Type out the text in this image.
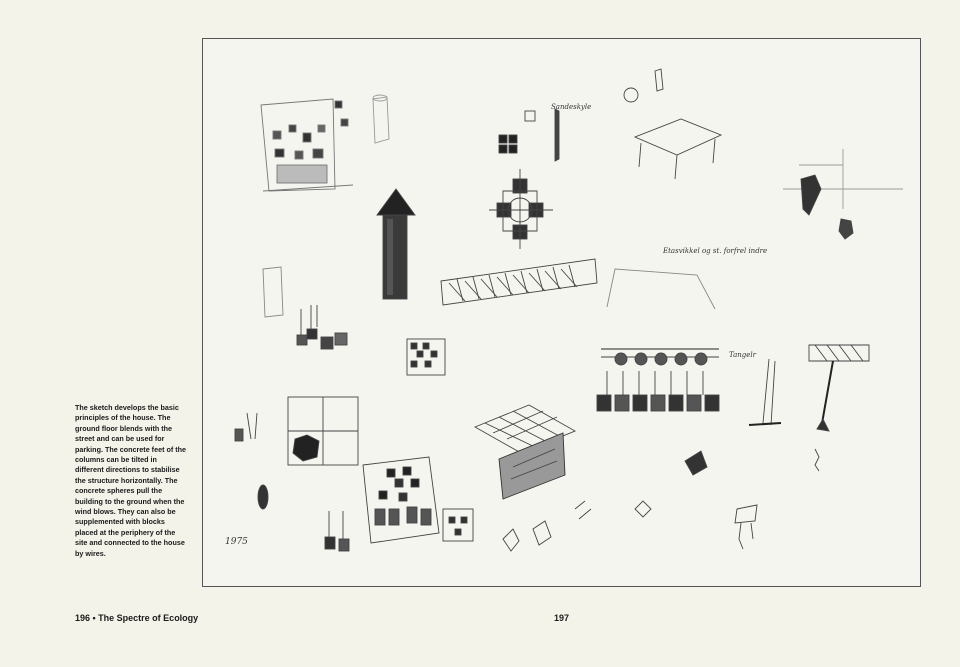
The sketch develops the basic principles of the house. The ground floor blends with the street and can be used for parking. The concrete feet of the columns can be tilted in different directions to stabilise the structure horizontally. The concrete spheres pull the building to the ground when the wind blows. They can also be supplemented with blocks placed at the periphery of the site and connected to the house by wires.

196 • The Spectre of Ecology	197
1975
Sandeskyle
Etasvikkel og st. forfrel indre
Tangelr
